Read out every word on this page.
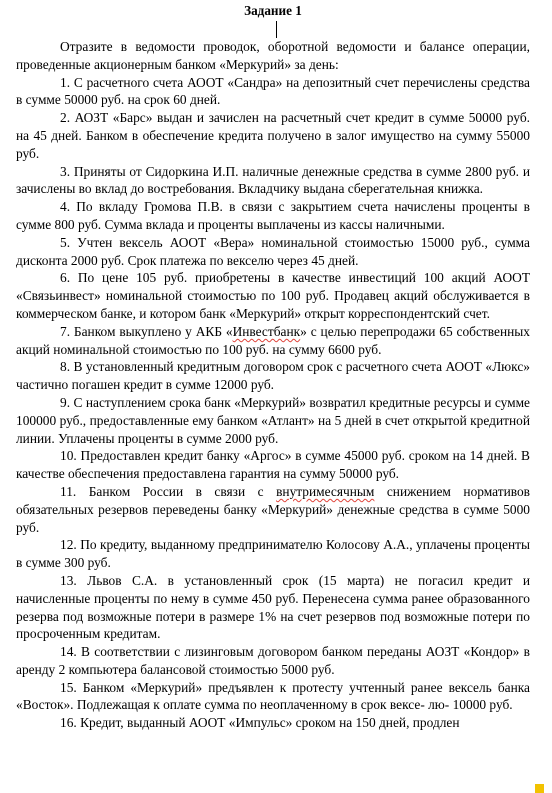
Задание 1

Отразите в ведомости проводок, оборотной ведомости и балансе операции, проведенные акционерным банком «Меркурий» за день:

1. С расчетного счета АООТ «Сандра» на депозитный счет перечислены средства в сумме 50000 руб. на срок 60 дней.

2. АОЗТ «Барс» выдан и зачислен на расчетный счет кредит в сумме 50000 руб. на 45 дней. Банком в обеспечение кредита получено в залог имущество на сумму 55000 руб.

3. Приняты от Сидоркина И.П. наличные денежные средства в сумме 2800 руб. и зачислены во вклад до востребования. Вкладчику выдана сберегательная книжка.

4. По вкладу Громова П.В. в связи с закрытием счета начислены проценты в сумме 800 руб. Сумма вклада и проценты выплачены из кассы наличными.

5. Учтен вексель АООТ «Вера» номинальной стоимостью 15000 руб., сумма дисконта 2000 руб. Срок платежа по векселю через 45 дней.

6. По цене 105 руб. приобретены в качестве инвестиций 100 акций АООТ «Связьинвест» номинальной стоимостью по 100 руб. Продавец акций обслуживается в коммерческом банке, и котором банк «Меркурий» открыт корреспондентский счет.

7. Банком выкуплено у АКБ «Инвестбанк» с целью перепродажи 65 собственных акций номинальной стоимостью по 100 руб. на сумму 6600 руб.

8. В установленный кредитным договором срок с расчетного счета АООТ «Люкс» частично погашен кредит в сумме 12000 руб.

9. С наступлением срока банк «Меркурий» возвратил кредитные ресурсы и сумме 100000 руб., предоставленные ему банком «Атлант» на 5 дней в счет открытой кредитной линии. Уплачены проценты в сумме 2000 руб.

10. Предоставлен кредит банку «Аргос» в сумме 45000 руб. сроком на 14 дней. В качестве обеспечения предоставлена гарантия на сумму 50000 руб.

11. Банком России в связи с внутримесячным снижением нормативов обязательных резервов переведены банку «Меркурий» денежные средства в сумме 5000 руб.

12. По кредиту, выданному предпринимателю Колосову А.А., уплачены проценты в сумме 300 руб.

13. Львов С.А. в установленный срок (15 марта) не погасил кредит и начисленные проценты по нему в сумме 450 руб. Перенесена сумма ранее образованного резерва под возможные потери в размере 1% на счет резервов под возможные потери по просроченным кредитам.

14. В соответствии с лизинговым договором банком переданы АОЗТ «Кондор» в аренду 2 компьютера балансовой стоимостью 5000 руб.

15. Банком «Меркурий» предъявлен к протесту учтенный ранее вексель банка «Восток». Подлежащая к оплате сумма по неоплаченному в срок вексе- лю- 10000 руб.

16. Кредит, выданный АООТ «Импульс» сроком на 150 дней, продлен
